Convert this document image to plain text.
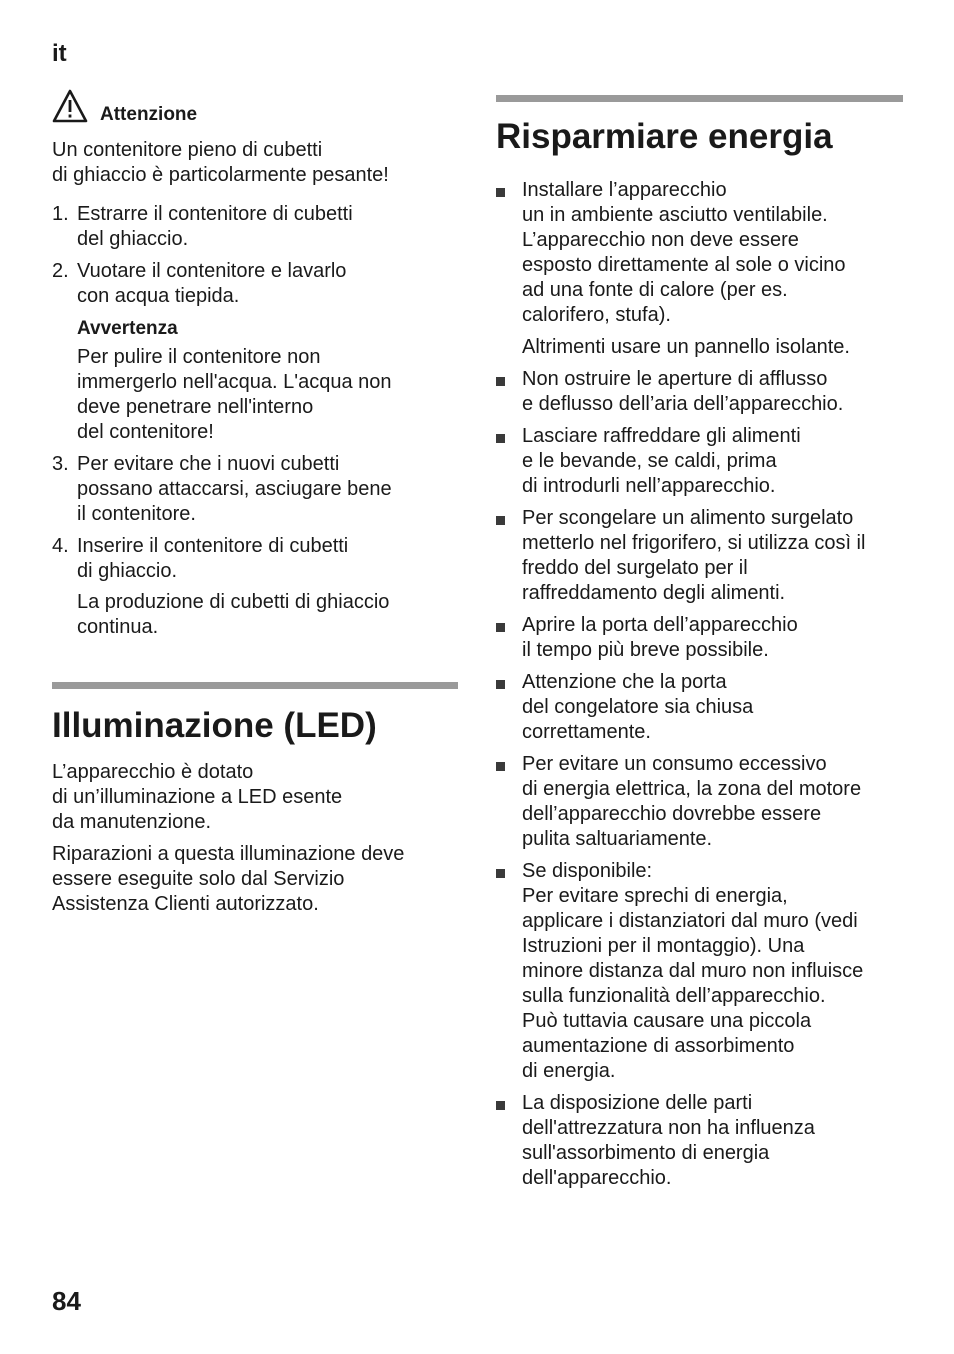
it
Attenzione
Un contenitore pieno di cubetti
di ghiaccio è particolarmente pesante!
1. Estrarre il contenitore di cubetti
del ghiaccio.
2. Vuotare il contenitore e lavarlo
con acqua tiepida.
Avvertenza
Per pulire il contenitore non
immergerlo nell'acqua. L'acqua non
deve penetrare nell'interno
del contenitore!
3. Per evitare che i nuovi cubetti
possano attaccarsi, asciugare bene
il contenitore.
4. Inserire il contenitore di cubetti
di ghiaccio.
La produzione di cubetti di ghiaccio
continua.
Illuminazione (LED)
L’apparecchio è dotato
di un’illuminazione a LED esente
da manutenzione.
Riparazioni a questa illuminazione deve
essere eseguite solo dal Servizio
Assistenza Clienti autorizzato.
Risparmiare energia
Installare l’apparecchio
un in ambiente asciutto ventilabile.
L’apparecchio non deve essere
esposto direttamente al sole o vicino
ad una fonte di calore (per es.
calorifero, stufa).
Altrimenti usare un pannello isolante.
Non ostruire le aperture di afflusso
e deflusso dell’aria dell’apparecchio.
Lasciare raffreddare gli alimenti
e le bevande, se caldi, prima
di introdurli nell’apparecchio.
Per scongelare un alimento surgelato
metterlo nel frigorifero, si utilizza così il
freddo del surgelato per il
raffreddamento degli alimenti.
Aprire la porta dell’apparecchio
il tempo più breve possibile.
Attenzione che la porta
del congelatore sia chiusa
correttamente.
Per evitare un consumo eccessivo
di energia elettrica, la zona del motore
dell’apparecchio dovrebbe essere
pulita saltuariamente.
Se disponibile:
Per evitare sprechi di energia,
applicare i distanziatori dal muro (vedi
Istruzioni per il montaggio). Una
minore distanza dal muro non influisce
sulla funzionalità dell’apparecchio.
Può tuttavia causare una piccola
aumentazione di assorbimento
di energia.
La disposizione delle parti
dell'attrezzatura non ha influenza
sull'assorbimento di energia
dell'apparecchio.
84
